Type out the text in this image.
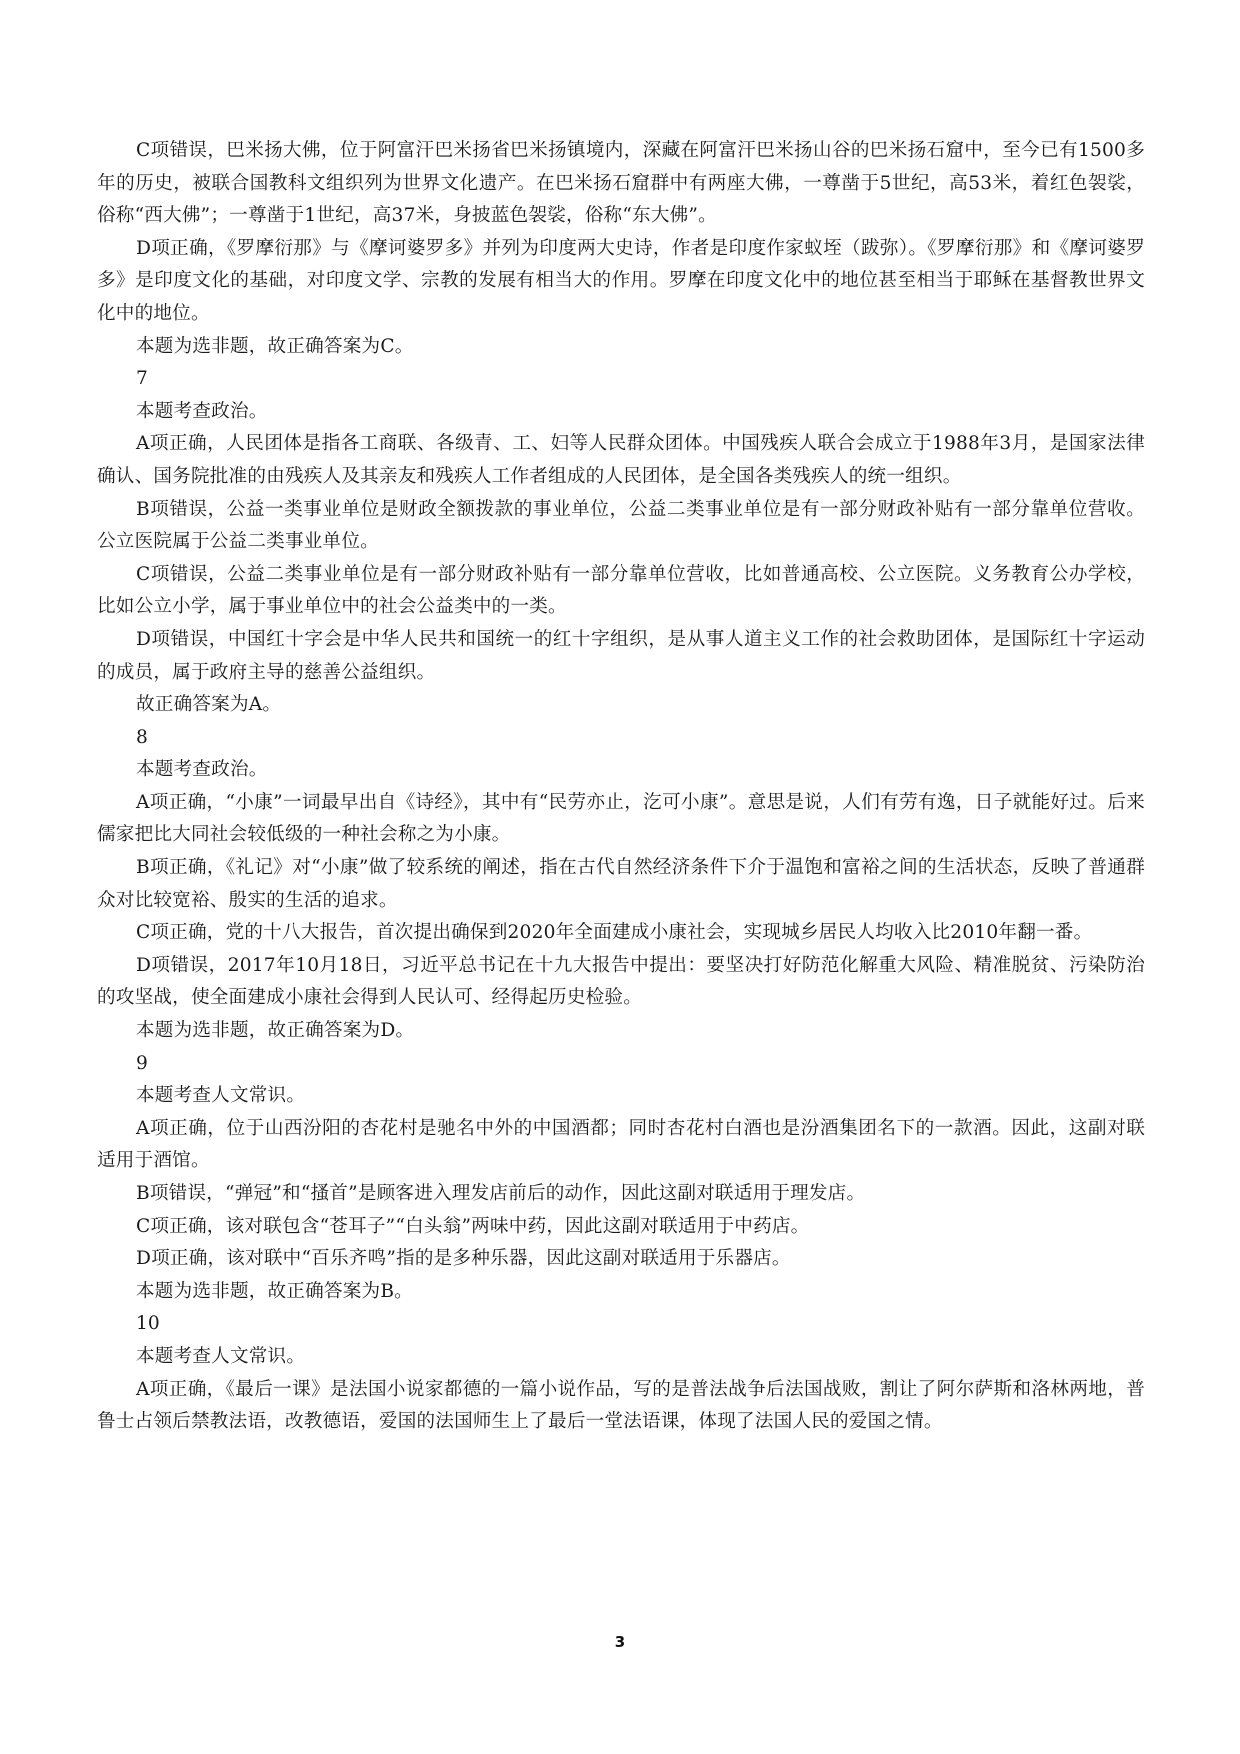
C项错误，巴米扬大佛，位于阿富汗巴米扬省巴米扬镇境内，深藏在阿富汗巴米扬山谷的巴米扬石窟中，至今已有1500多年的历史，被联合国教科文组织列为世界文化遗产。在巴米扬石窟群中有两座大佛，一尊凿于5世纪，高53米，着红色袈裟，俗称“西大佛”；一尊凿于1世纪，高37米，身披蓝色袈裟，俗称“东大佛”。

D项正确，《罗摩衍那》与《摩诃婆罗多》并列为印度两大史诗，作者是印度作家蚁垤（跋弥）。《罗摩衍那》和《摩诃婆罗多》是印度文化的基础，对印度文学、宗教的发展有相当大的作用。罗摩在印度文化中的地位甚至相当于耶稣在基督教世界文化中的地位。

本题为选非题，故正确答案为C。

7

本题考查政治。

A项正确，人民团体是指各工商联、各级青、工、妇等人民群众团体。中国残疾人联合会成立于1988年3月，是国家法律确认、国务院批准的由残疾人及其亲友和残疾人工作者组成的人民团体，是全国各类残疾人的统一组织。

B项错误，公益一类事业单位是财政全额拨款的事业单位，公益二类事业单位是有一部分财政补贴有一部分靠单位营收。公立医院属于公益二类事业单位。

C项错误，公益二类事业单位是有一部分财政补贴有一部分靠单位营收，比如普通高校、公立医院。义务教育公办学校，比如公立小学，属于事业单位中的社会公益类中的一类。

D项错误，中国红十字会是中华人民共和国统一的红十字组织，是从事人道主义工作的社会救助团体，是国际红十字运动的成员，属于政府主导的慈善公益组织。

故正确答案为A。

8

本题考查政治。

A项正确，“小康”一词最早出自《诗经》，其中有“民劳亦止，汔可小康”。意思是说，人们有劳有逸，日子就能好过。后来儒家把比大同社会较低级的一种社会称之为小康。

B项正确，《礼记》对“小康”做了较系统的阐述，指在古代自然经济条件下介于温饱和富裕之间的生活状态，反映了普通群众对比较宽裕、殷实的生活的追求。

C项正确，党的十八大报告，首次提出确保到2020年全面建成小康社会，实现城乡居民人均收入比2010年翻一番。

D项错误，2017年10月18日，习近平总书记在十九大报告中提出：要坚决打好防范化解重大风险、精准脱贫、污染防治的攻坚战，使全面建成小康社会得到人民认可、经得起历史检验。

本题为选非题，故正确答案为D。

9

本题考查人文常识。

A项正确，位于山西汾阳的杏花村是驰名中外的中国酒都；同时杏花村白酒也是汾酒集团名下的一款酒。因此，这副对联适用于酒馆。

B项错误，“弹冠”和“搔首”是顾客进入理发店前后的动作，因此这副对联适用于理发店。

C项正确，该对联包含“苍耳子”“白头翁”两味中药，因此这副对联适用于中药店。

D项正确，该对联中“百乐齐鸣”指的是多种乐器，因此这副对联适用于乐器店。

本题为选非题，故正确答案为B。

10

本题考查人文常识。

A项正确，《最后一课》是法国小说家都德的一篇小说作品，写的是普法战争后法国战败，割让了阿尔萨斯和洛林两地，普鲁士占领后禁教法语，改教德语，爱国的法国师生上了最后一堂法语课，体现了法国人民的爱国之情。

3
